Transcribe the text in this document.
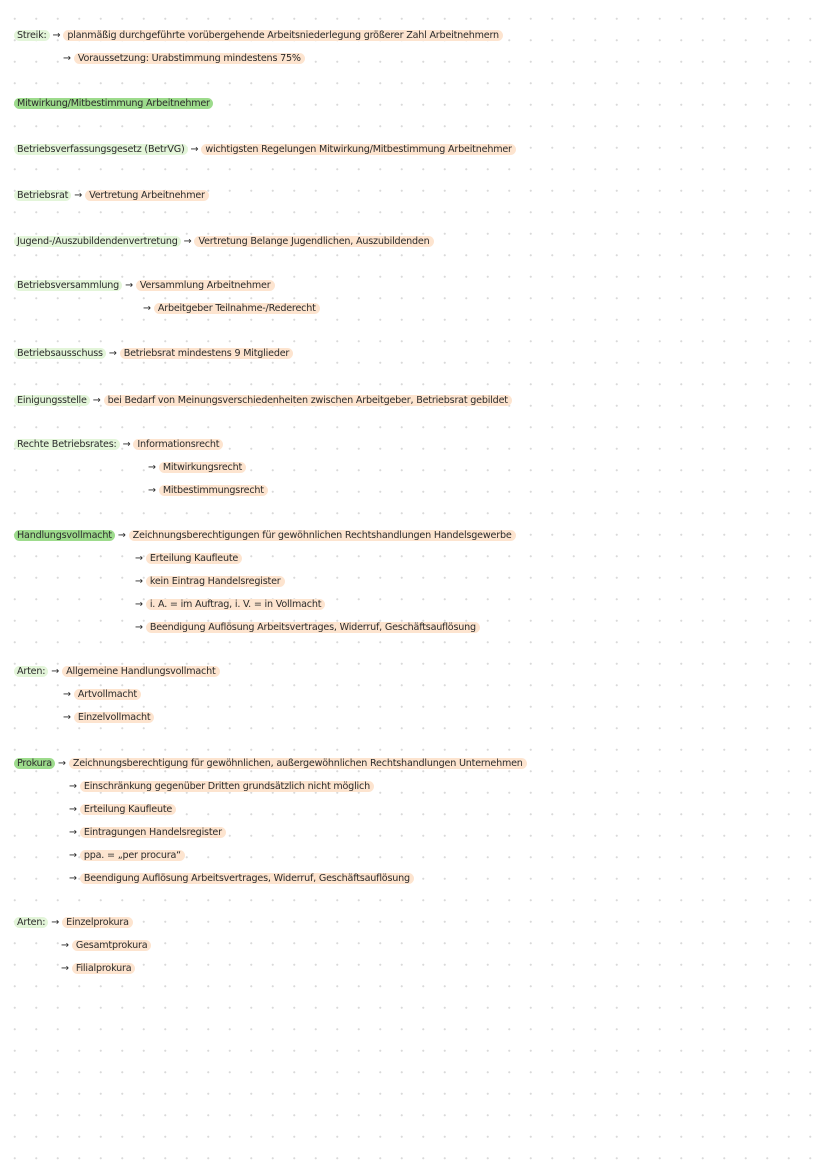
Streik: → planmäßig durchgeführte vorübergehende Arbeitsniederlegung größerer Zahl Arbeitnehmern
→ Voraussetzung: Urabstimmung mindestens 75%
Mitwirkung/Mitbestimmung Arbeitnehmer
Betriebsverfassungsgesetz (BetrVG) → wichtigsten Regelungen Mitwirkung/Mitbestimmung Arbeitnehmer
Betriebsrat → Vertretung Arbeitnehmer
Jugend-/Auszubildendenvertretung → Vertretung Belange Jugendlichen, Auszubildenden
Betriebsversammlung → Versammlung Arbeitnehmer
→ Arbeitgeber Teilnahme-/Rederecht
Betriebsausschuss → Betriebsrat mindestens 9 Mitglieder
Einigungsstelle → bei Bedarf von Meinungsverschiedenheiten zwischen Arbeitgeber, Betriebsrat gebildet
Rechte Betriebsrates: → Informationsrecht
→ Mitwirkungsrecht
→ Mitbestimmungsrecht
Handlungsvollmacht → Zeichnungsberechtigungen für gewöhnlichen Rechtshandlungen Handelsgewerbe
→ Erteilung Kaufleute
→ kein Eintrag Handelsregister
→ i. A. = im Auftrag, i. V. = in Vollmacht
→ Beendigung Auflösung Arbeitsvertrages, Widerruf, Geschäftsauflösung
Arten: → Allgemeine Handlungsvollmacht
→ Artvollmacht
→ Einzelvollmacht
Prokura → Zeichnungsberechtigung für gewöhnlichen, außergewöhnlichen Rechtshandlungen Unternehmen
→ Einschränkung gegenüber Dritten grundsätzlich nicht möglich
→ Erteilung Kaufleute
→ Eintragungen Handelsregister
→ ppa. = „per procura“
→ Beendigung Auflösung Arbeitsvertrages, Widerruf, Geschäftsauflösung
Arten: → Einzelprokura
→ Gesamtprokura
→ Filialprokura
